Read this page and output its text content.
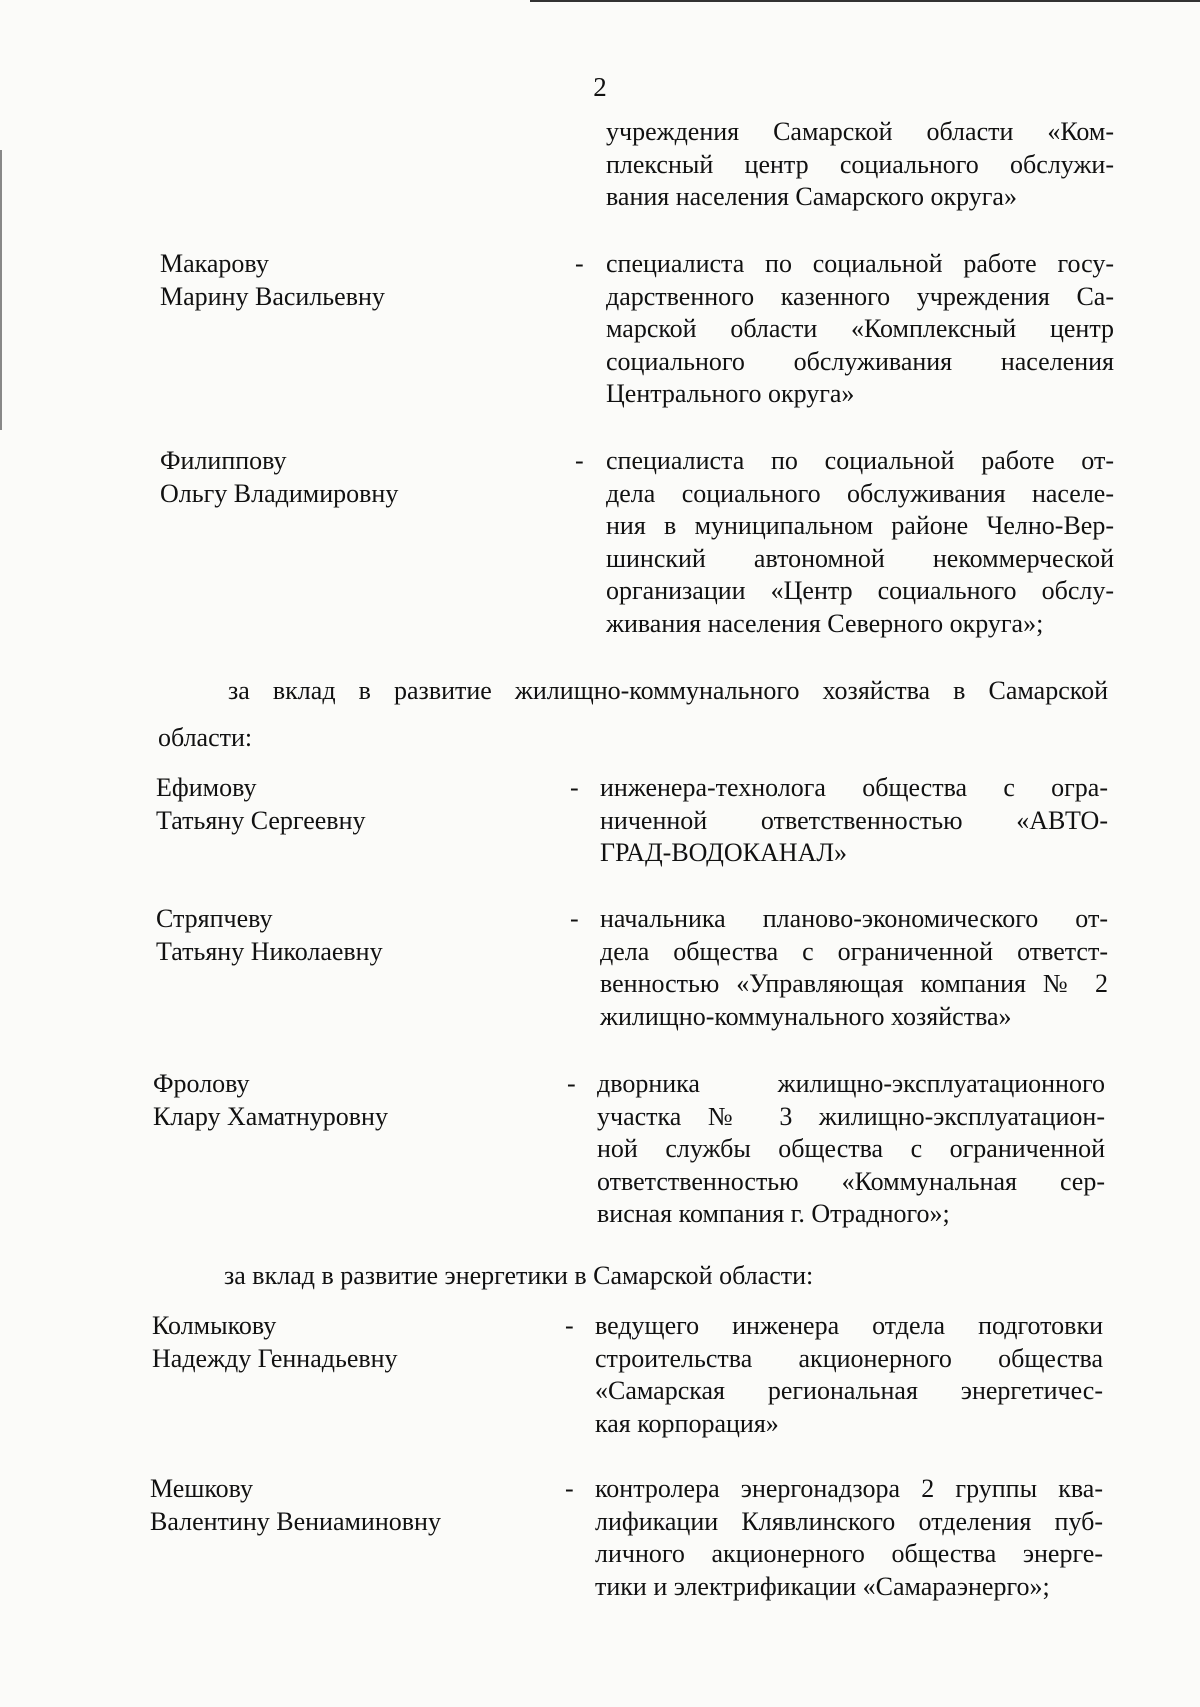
2
учреждения Самарской области «Ком-
плексный центр социального обслужи-
вания населения Самарского округа»
Макарову
Марину Васильевну
- специалиста по социальной работе госу-
дарственного казенного учреждения Са-
марской области «Комплексный центр
социального обслуживания населения
Центрального округа»
Филиппову
Ольгу Владимировну
- специалиста по социальной работе от-
дела социального обслуживания населе-
ния в муниципальном районе Челно-Вер-
шинский автономной некоммерческой
организации «Центр социального обслу-
живания населения Северного округа»;
за вклад в развитие жилищно-коммунального хозяйства в Самарской
области:
Ефимову
Татьяну Сергеевну
- инженера-технолога общества с огра-
ниченной ответственностью «АВТО-
ГРАД-ВОДОКАНАЛ»
Стряпчеву
Татьяну Николаевну
- начальника планово-экономического от-
дела общества с ограниченной ответст-
венностью «Управляющая компания № 2
жилищно-коммунального хозяйства»
Фролову
Клару Хаматнуровну
- дворника жилищно-эксплуатационного
участка № 3 жилищно-эксплуатацион-
ной службы общества с ограниченной
ответственностью «Коммунальная сер-
висная компания г. Отрадного»;
за вклад в развитие энергетики в Самарской области:
Колмыкову
Надежду Геннадьевну
- ведущего инженера отдела подготовки
строительства акционерного общества
«Самарская региональная энергетичес-
кая корпорация»
Мешкову
Валентину Вениаминовну
- контролера энергонадзора 2 группы ква-
лификации Клявлинского отделения пуб-
личного акционерного общества энерге-
тики и электрификации «Самараэнерго»;
